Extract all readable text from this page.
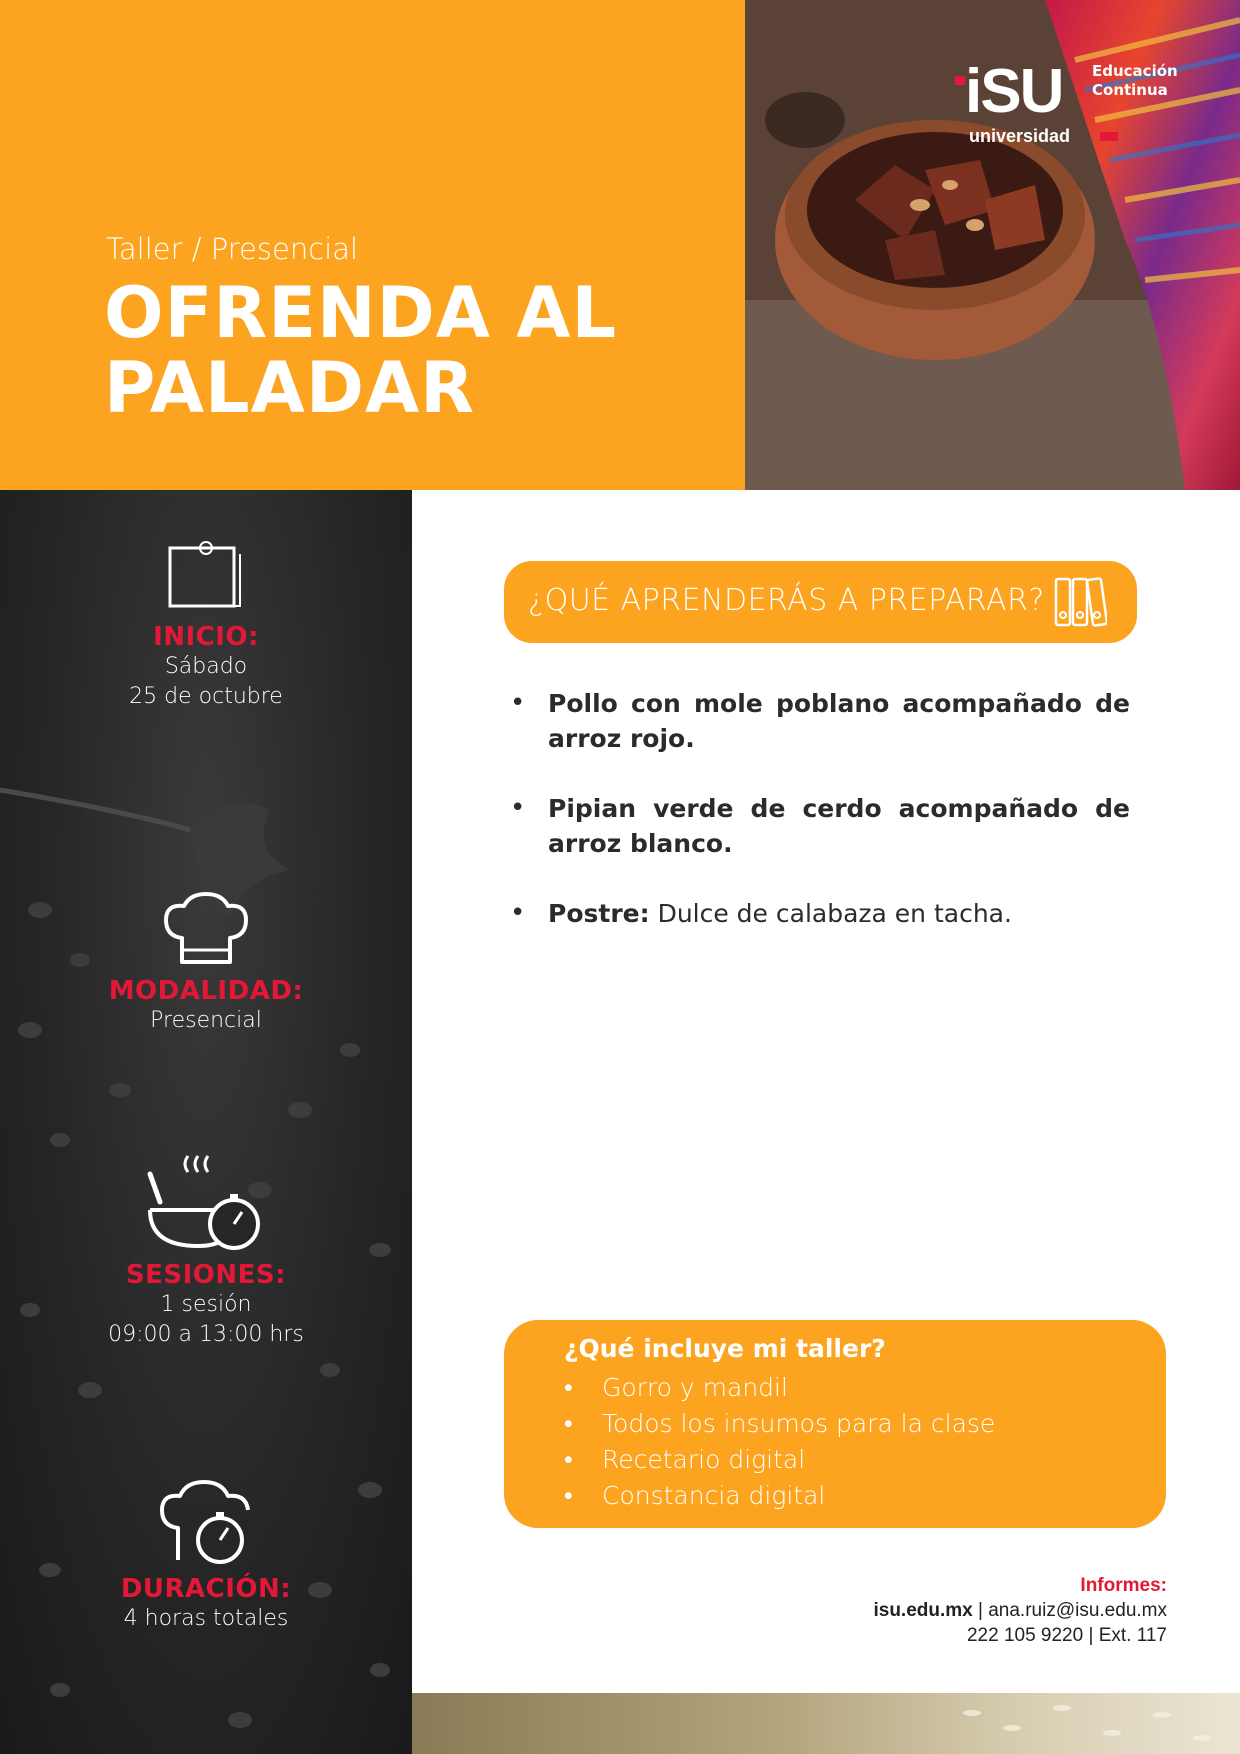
Taller / Presencial
OFRENDA AL
PALADAR
iSU Educación
Continua
universidad
INICIO:
Sábado
25 de octubre
MODALIDAD:
Presencial
SESIONES:
1 sesión
09:00 a 13:00 hrs
DURACIÓN:
4 horas totales
¿QUÉ APRENDERÁS A PREPARAR?
• Pollo con mole poblano acompañado de arroz rojo.
• Pipian verde de cerdo acompañado de arroz blanco.
• Postre: Dulce de calabaza en tacha.
¿Qué incluye mi taller?
• Gorro y mandil
• Todos los insumos para la clase
• Recetario digital
• Constancia digital
Informes:
isu.edu.mx | ana.ruiz@isu.edu.mx
222 105 9220 | Ext. 117
